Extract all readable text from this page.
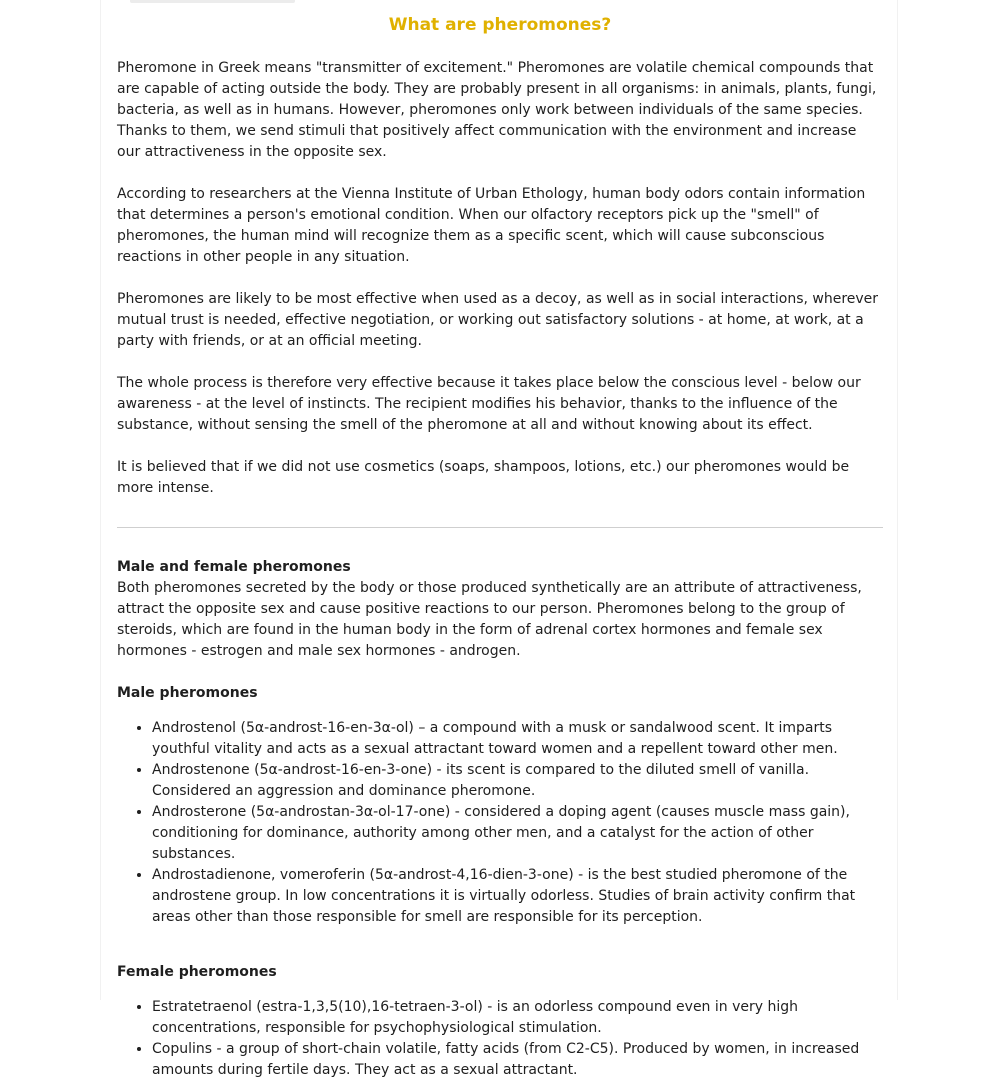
What are pheromones?

Pheromone in Greek means "transmitter of excitement." Pheromones are volatile chemical compounds that are capable of acting outside the body. They are probably present in all organisms: in animals, plants, fungi, bacteria, as well as in humans. However, pheromones only work between individuals of the same species. Thanks to them, we send stimuli that positively affect communication with the environment and increase our attractiveness in the opposite sex.

According to researchers at the Vienna Institute of Urban Ethology, human body odors contain information that determines a person's emotional condition. When our olfactory receptors pick up the "smell" of pheromones, the human mind will recognize them as a specific scent, which will cause subconscious reactions in other people in any situation.

Pheromones are likely to be most effective when used as a decoy, as well as in social interactions, wherever mutual trust is needed, effective negotiation, or working out satisfactory solutions - at home, at work, at a party with friends, or at an official meeting.

The whole process is therefore very effective because it takes place below the conscious level - below our awareness - at the level of instincts. The recipient modifies his behavior, thanks to the influence of the substance, without sensing the smell of the pheromone at all and without knowing about its effect.

It is believed that if we did not use cosmetics (soaps, shampoos, lotions, etc.) our pheromones would be more intense.

Male and female pheromones

Both pheromones secreted by the body or those produced synthetically are an attribute of attractiveness, attract the opposite sex and cause positive reactions to our person. Pheromones belong to the group of steroids, which are found in the human body in the form of adrenal cortex hormones and female sex hormones - estrogen and male sex hormones - androgen.

Male pheromones
• Androstenol (5α-androst-16-en-3α-ol) – a compound with a musk or sandalwood scent. It imparts youthful vitality and acts as a sexual attractant toward women and a repellent toward other men.
• Androstenone (5α-androst-16-en-3-one) - its scent is compared to the diluted smell of vanilla. Considered an aggression and dominance pheromone.
• Androsterone (5α-androstan-3α-ol-17-one) - considered a doping agent (causes muscle mass gain), conditioning for dominance, authority among other men, and a catalyst for the action of other substances.
• Androstadienone, vomeroferin (5α-androst-4,16-dien-3-one) - is the best studied pheromone of the androstene group. In low concentrations it is virtually odorless. Studies of brain activity confirm that areas other than those responsible for smell are responsible for its perception.
Female pheromones
• Estratetraenol (estra-1,3,5(10),16-tetraen-3-ol) - is an odorless compound even in very high concentrations, responsible for psychophysiological stimulation.
• Copulins - a group of short-chain volatile, fatty acids (from C2-C5). Produced by women, in increased amounts during fertile days. They act as a sexual attractant.
